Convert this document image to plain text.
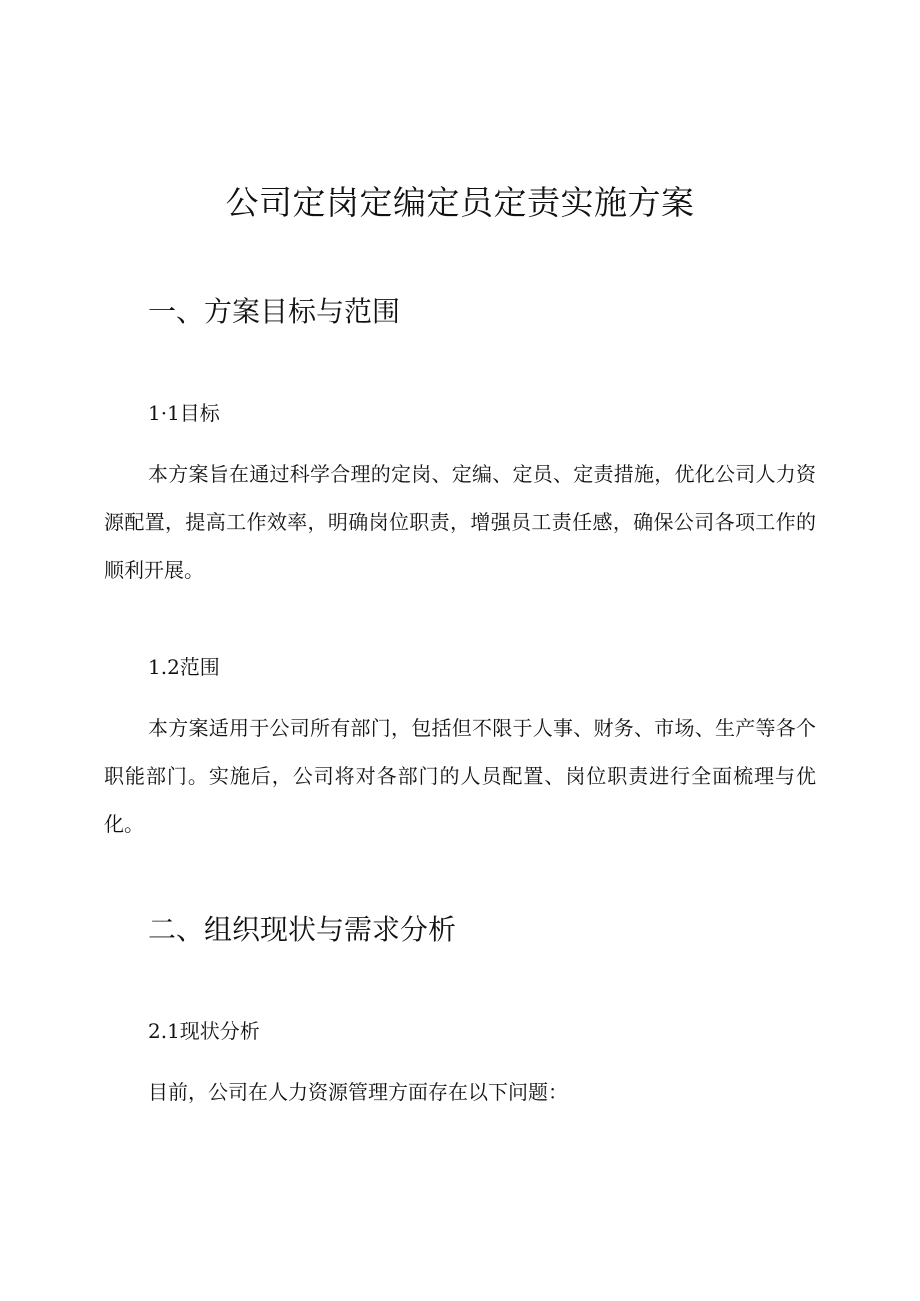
公司定岗定编定员定责实施方案
一、方案目标与范围
1·1目标

本方案旨在通过科学合理的定岗、定编、定员、定责措施，优化公司人力资源配置，提高工作效率，明确岗位职责，增强员工责任感，确保公司各项工作的顺利开展。

1.2范围

本方案适用于公司所有部门，包括但不限于人事、财务、市场、生产等各个职能部门。实施后，公司将对各部门的人员配置、岗位职责进行全面梳理与优化。

二、组织现状与需求分析
2.1现状分析

目前，公司在人力资源管理方面存在以下问题：
